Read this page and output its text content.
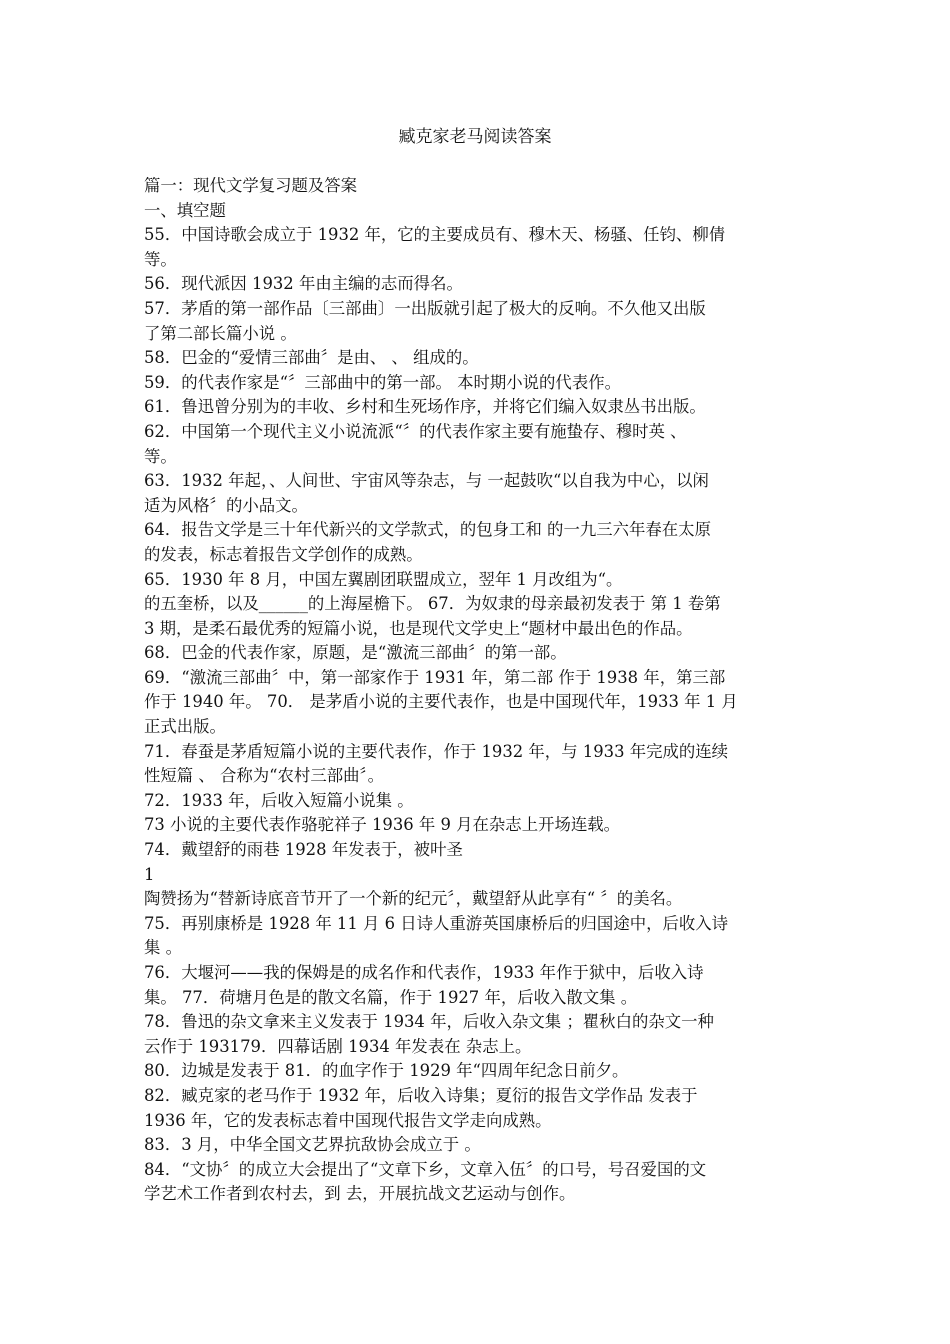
臧克家老马阅读答案
篇一：现代文学复习题及答案
一、填空题
55．中国诗歌会成立于 1932 年，它的主要成员有、穆木天、杨骚、任钧、柳倩
等。
56．现代派因 1932 年由主编的志而得名。
57．茅盾的第一部作品〔三部曲〕一出版就引起了极大的反响。不久他又出版
了第二部长篇小说 。
58．巴金的“爱情三部曲〞是由、 、 组成的。
59．的代表作家是“〞三部曲中的第一部。 本时期小说的代表作。
61．鲁迅曾分别为的丰收、乡村和生死场作序，并将它们编入奴隶丛书出版。
62．中国第一个现代主义小说流派“〞的代表作家主要有施蛰存、穆时英 、
等。
63．1932 年起，、人间世、宇宙风等杂志，与 一起鼓吹“以自我为中心，以闲
适为风格〞的小品文。
64．报告文学是三十年代新兴的文学款式，的包身工和 的一九三六年春在太原
的发表，标志着报告文学创作的成熟。
65．1930 年 8 月，中国左翼剧团联盟成立，翌年 1 月改组为“。
的五奎桥，以及______的上海屋檐下。 67．为奴隶的母亲最初发表于 第 1 卷第
3 期，是柔石最优秀的短篇小说，也是现代文学史上“题材中最出色的作品。
68．巴金的代表作家，原题，是“激流三部曲〞的第一部。
69．“激流三部曲〞中，第一部家作于 1931 年，第二部 作于 1938 年，第三部
作于 1940 年。 70． 是茅盾小说的主要代表作，也是中国现代年，1933 年 1 月
正式出版。
71．春蚕是茅盾短篇小说的主要代表作，作于 1932 年，与 1933 年完成的连续
性短篇 、 合称为“农村三部曲〞。
72．1933 年，后收入短篇小说集 。
73 小说的主要代表作骆驼祥子 1936 年 9 月在杂志上开场连载。
74．戴望舒的雨巷 1928 年发表于，被叶圣
1
陶赞扬为“替新诗底音节开了一个新的纪元〞，戴望舒从此享有“ 〞的美名。
75．再别康桥是 1928 年 11 月 6 日诗人重游英国康桥后的归国途中，后收入诗
集 。
76．大堰河——我的保姆是的成名作和代表作，1933 年作于狱中，后收入诗
集。 77．荷塘月色是的散文名篇，作于 1927 年，后收入散文集 。
78．鲁迅的杂文拿来主义发表于 1934 年，后收入杂文集 ；瞿秋白的杂文一种
云作于 193179．四幕话剧 1934 年发表在 杂志上。
80．边城是发表于 81．的血字作于 1929 年“四周年纪念日前夕。
82．臧克家的老马作于 1932 年，后收入诗集；夏衍的报告文学作品 发表于
1936 年，它的发表标志着中国现代报告文学走向成熟。
83．3 月，中华全国文艺界抗敌协会成立于 。
84．“文协〞的成立大会提出了“文章下乡，文章入伍〞的口号，号召爱国的文
学艺术工作者到农村去，到 去，开展抗战文艺运动与创作。
